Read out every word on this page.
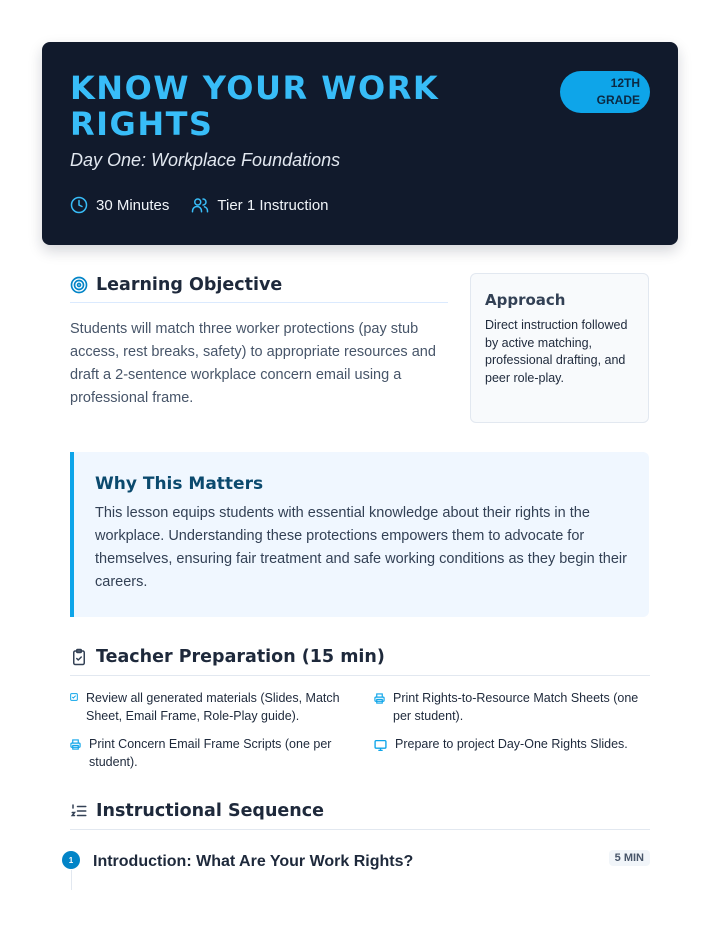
KNOW YOUR WORK RIGHTS
Day One: Workplace Foundations
12TH
GRADE
30 Minutes	Tier 1 Instruction
Learning Objective

Students will match three worker protections (pay stub access, rest breaks, safety) to appropriate resources and draft a 2-sentence workplace concern email using a professional frame.

Approach

Direct instruction followed by active matching, professional drafting, and peer role-play.

Why This Matters

This lesson equips students with essential knowledge about their rights in the workplace. Understanding these protections empowers them to advocate for themselves, ensuring fair treatment and safe working conditions as they begin their careers.

Teacher Preparation (15 min)
Review all generated materials (Slides, Match Sheet, Email Frame, Role-Play guide).
Print Rights-to-Resource Match Sheets (one per student).
Print Concern Email Frame Scripts (one per student).
Prepare to project Day-One Rights Slides.
Instructional Sequence
1	Introduction: What Are Your Work Rights?	5 MIN
